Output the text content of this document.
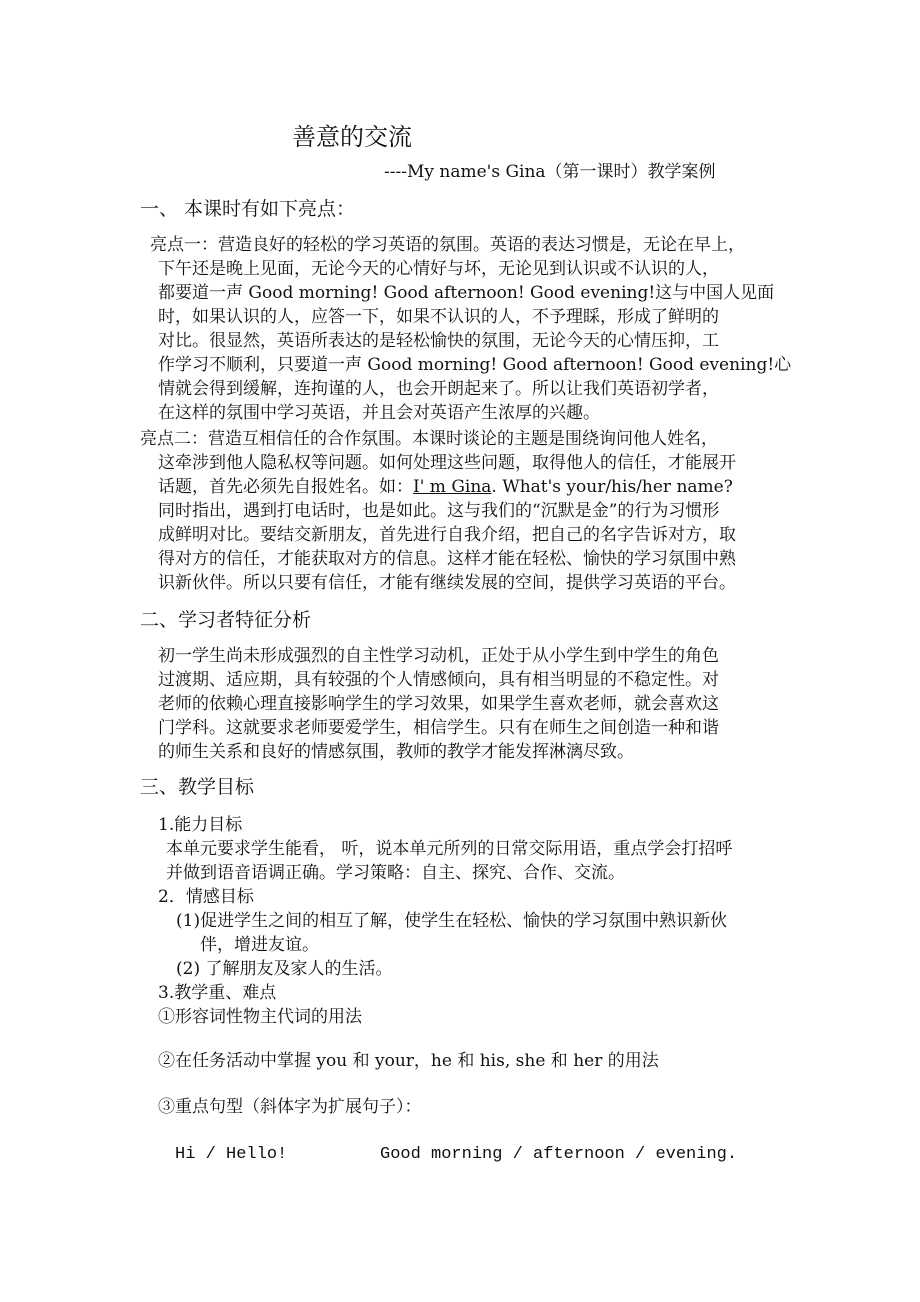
善意的交流
----My name's Gina（第一课时）教学案例
一、 本课时有如下亮点：
亮点一：营造良好的轻松的学习英语的氛围。英语的表达习惯是，无论在早上，
下午还是晚上见面，无论今天的心情好与坏，无论见到认识或不认识的人，
都要道一声 Good morning! Good afternoon! Good evening!这与中国人见面
时，如果认识的人，应答一下，如果不认识的人，不予理睬，形成了鲜明的
对比。很显然，英语所表达的是轻松愉快的氛围，无论今天的心情压抑，工
作学习不顺利，只要道一声 Good morning! Good afternoon! Good evening!心
情就会得到缓解，连拘谨的人，也会开朗起来了。所以让我们英语初学者，
在这样的氛围中学习英语，并且会对英语产生浓厚的兴趣。
亮点二：营造互相信任的合作氛围。本课时谈论的主题是围绕询问他人姓名，
这牵涉到他人隐私权等问题。如何处理这些问题，取得他人的信任，才能展开
话题，首先必须先自报姓名。如：I' m Gina. What's your/his/her name?
同时指出，遇到打电话时，也是如此。这与我们的“沉默是金”的行为习惯形
成鲜明对比。要结交新朋友，首先进行自我介绍，把自己的名字告诉对方，取
得对方的信任，才能获取对方的信息。这样才能在轻松、愉快的学习氛围中熟
识新伙伴。所以只要有信任，才能有继续发展的空间，提供学习英语的平台。
二、学习者特征分析
初一学生尚未形成强烈的自主性学习动机，正处于从小学生到中学生的角色
过渡期、适应期，具有较强的个人情感倾向，具有相当明显的不稳定性。对
老师的依赖心理直接影响学生的学习效果，如果学生喜欢老师，就会喜欢这
门学科。这就要求老师要爱学生，相信学生。只有在师生之间创造一种和谐
的师生关系和良好的情感氛围，教师的教学才能发挥淋漓尽致。
三、教学目标
1.能力目标
本单元要求学生能看， 听，说本单元所列的日常交际用语，重点学会打招呼
并做到语音语调正确。学习策略：自主、探究、合作、交流。
2．情感目标
(1)促进学生之间的相互了解，使学生在轻松、愉快的学习氛围中熟识新伙
伴，增进友谊。
(2) 了解朋友及家人的生活。
3.教学重、难点
①形容词性物主代词的用法
②在任务活动中掌握 you 和 your，he 和 his, she 和 her 的用法
③重点句型（斜体字为扩展句子）：
Hi / Hello!	Good morning / afternoon / evening.
